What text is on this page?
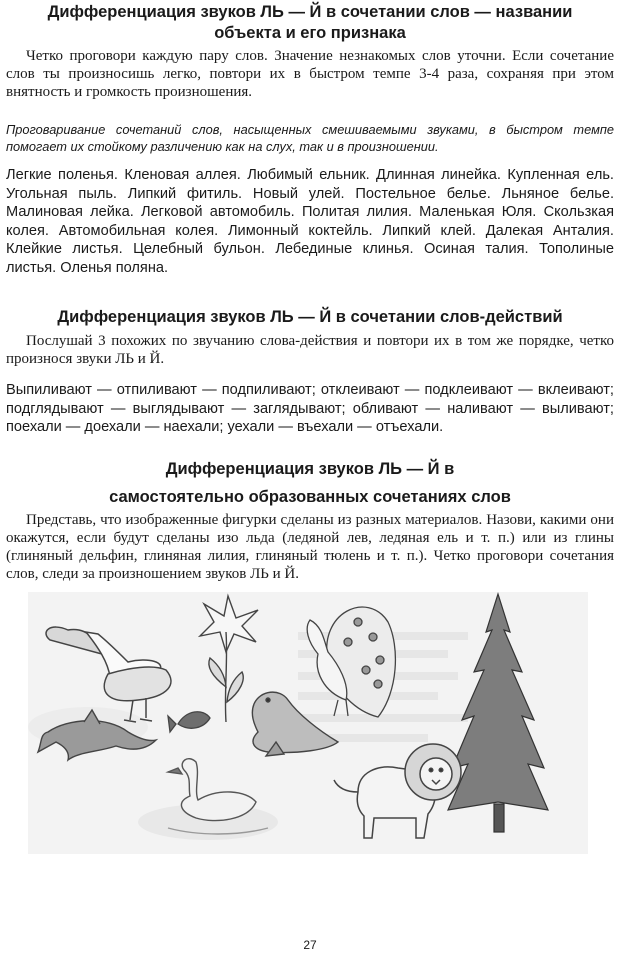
Дифференциация звуков ЛЬ — Й в сочетании слов — названии

объекта и его признака

Четко проговори каждую пару слов. Значение незнакомых слов уточни. Если сочетание слов ты произносишь легко, повтори их в быстром темпе 3-4 раза, сохраняя при этом внятность и громкость произношения.

Проговаривание сочетаний слов, насыщенных смешиваемыми звуками, в быстром темпе помогает их стойкому различению как на слух, так и в произношении.

Легкие поленья. Кленовая аллея. Любимый ельник. Длинная линейка. Купленная ель. Угольная пыль. Липкий фитиль. Новый улей. Постельное белье. Льняное белье. Малиновая лейка. Легковой автомобиль. Политая лилия. Маленькая Юля. Скользкая колея. Автомобильная колея. Лимонный коктейль. Липкий клей. Далекая Анталия. Клейкие листья. Целебный бульон. Лебединые клинья. Осиная талия. Тополиные листья. Оленья поляна.

Дифференциация звуков ЛЬ — Й в сочетании слов-действий

Послушай 3 похожих по звучанию слова-действия и повтори их в том же порядке, четко произнося звуки ЛЬ и Й.

Выпиливают — отпиливают — подпиливают; отклеивают — подклеивают — вклеивают; подглядывают — выглядывают — заглядывают; обливают — наливают — выливают; поехали — доехали — наехали; уехали — въехали — отъехали.

Дифференциация звуков ЛЬ — Й в

самостоятельно образованных сочетаниях слов

Представь, что изображенные фигурки сделаны из разных материалов. Назови, какими они окажутся, если будут сделаны изо льда (ледяной лев, ледяная ель и т. п.) или из глины (глиняный дельфин, глиняная лилия, глиняный тюлень и т. п.). Четко проговори сочетания слов, следи за произношением звуков ЛЬ и Й.

27
